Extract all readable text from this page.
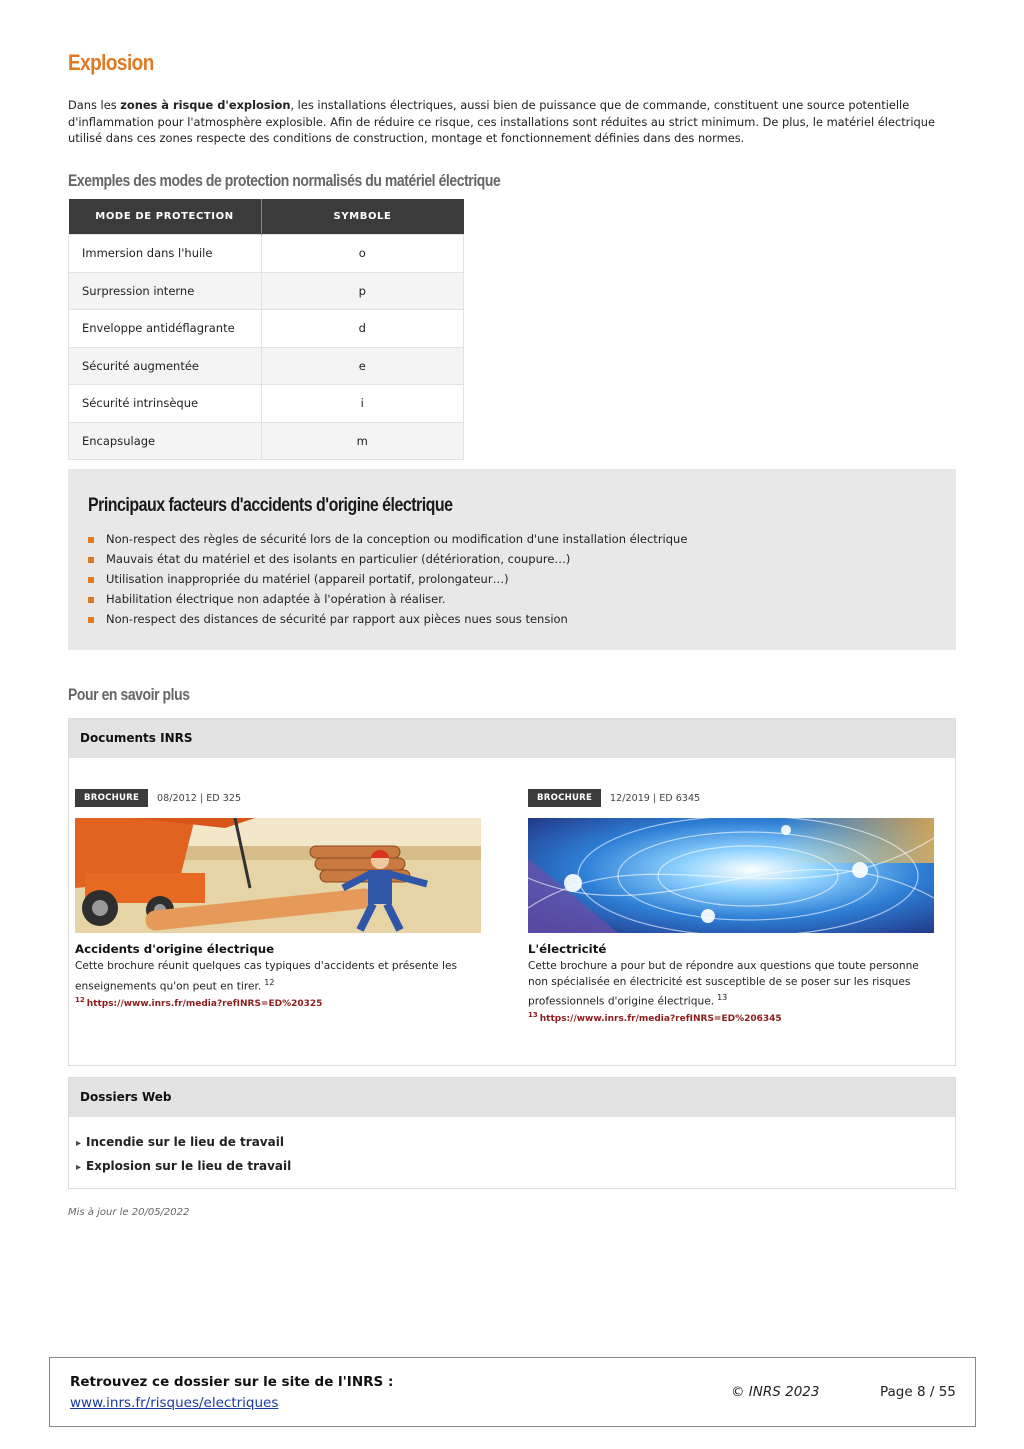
Explosion

Dans les zones à risque d'explosion, les installations électriques, aussi bien de puissance que de commande, constituent une source potentielle d'inflammation pour l'atmosphère explosible. Afin de réduire ce risque, ces installations sont réduites au strict minimum. De plus, le matériel électrique utilisé dans ces zones respecte des conditions de construction, montage et fonctionnement définies dans des normes.

Exemples des modes de protection normalisés du matériel électrique
MODE DE PROTECTION	SYMBOLE
Immersion dans l'huile	o
Surpression interne	p
Enveloppe antidéflagrante	d
Sécurité augmentée	e
Sécurité intrinsèque	i
Encapsulage	m
Principaux facteurs d'accidents d'origine électrique
Non-respect des règles de sécurité lors de la conception ou modification d'une installation électrique
Mauvais état du matériel et des isolants en particulier (détérioration, coupure…)
Utilisation inappropriée du matériel (appareil portatif, prolongateur…)
Habilitation électrique non adaptée à l'opération à réaliser.
Non-respect des distances de sécurité par rapport aux pièces nues sous tension
Pour en savoir plus
Documents INRS
BROCHURE	08/2012 | ED 325
Accidents d'origine électrique
Cette brochure réunit quelques cas typiques d'accidents et présente les enseignements qu'on peut en tirer. $^{12}$
$^{12}$ https://www.inrs.fr/media?refINRS=ED%20325
BROCHURE	12/2019 | ED 6345
L'électricité
Cette brochure a pour but de répondre aux questions que toute personne non spécialisée en électricité est susceptible de se poser sur les risques professionnels d'origine électrique. $^{13}$
$^{13}$ https://www.inrs.fr/media?refINRS=ED%206345
Dossiers Web
▸ Incendie sur le lieu de travail
▸ Explosion sur le lieu de travail
Mis à jour le 20/05/2022
Retrouvez ce dossier sur le site de l'INRS :
www.inrs.fr/risques/electriques
© INRS 2023	Page 8 / 55
